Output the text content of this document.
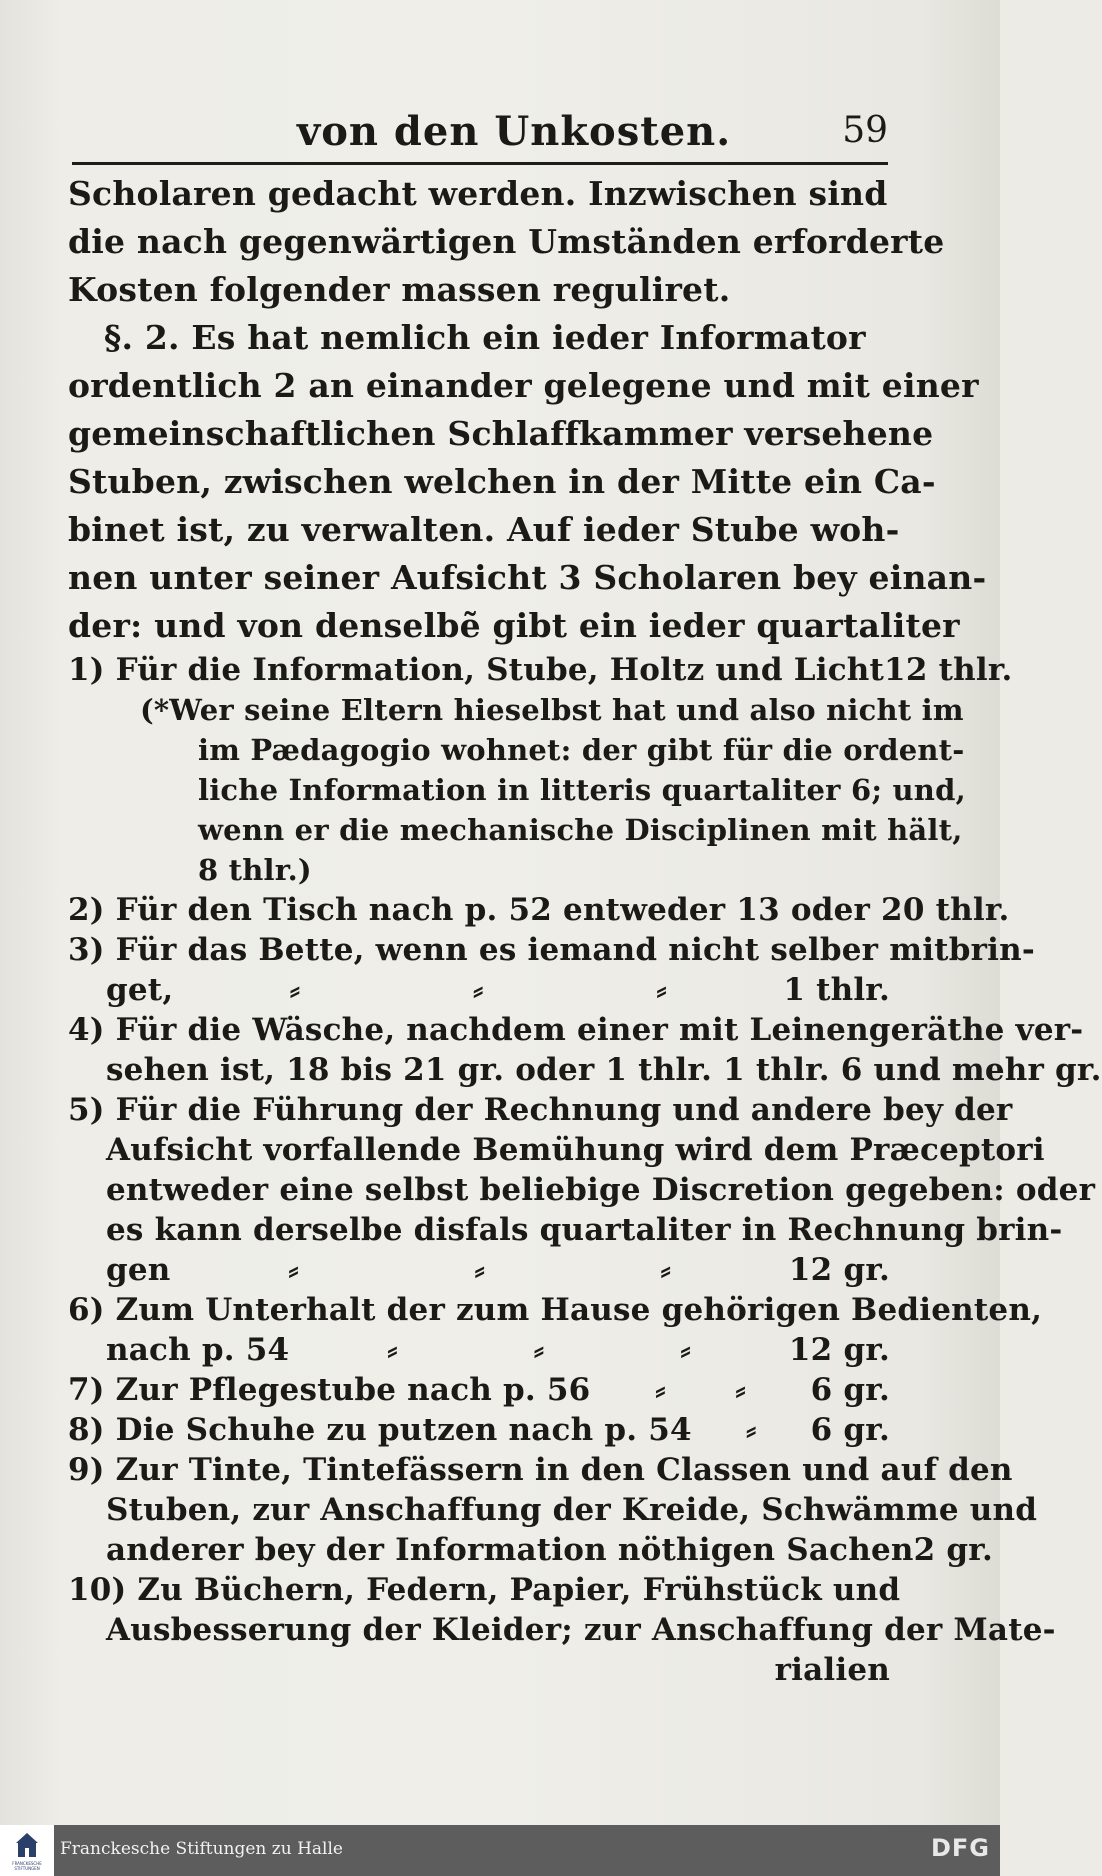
von den Unkosten.	59
Scholaren gedacht werden. Inzwischen sind
die nach gegenwärtigen Umständen erforderte
Kosten folgender massen reguliret.
§. 2. Es hat nemlich ein ieder Informator
ordentlich 2 an einander gelegene und mit einer
gemeinschaftlichen Schlaffkammer versehene
Stuben, zwischen welchen in der Mitte ein Ca-
binet ist, zu verwalten. Auf ieder Stube woh-
nen unter seiner Aufsicht 3 Scholaren bey einan-
der: und von denselbẽ gibt ein ieder quartaliter
1) Für die Information, Stube, Holtz und Licht 12 thlr.
(*Wer seine Eltern hieselbst hat und also nicht im
im Pædagogio wohnet: der gibt für die ordent-
liche Information in litteris quartaliter 6; und,
wenn er die mechanische Disciplinen mit hält,
8 thlr.)
2) Für den Tisch nach p. 52 entweder 13 oder 20 thlr.
3) Für das Bette, wenn es iemand nicht selber mitbrin-
get,	⸗	⸗	⸗	1 thlr.
4) Für die Wäsche, nachdem einer mit Leinengeräthe ver-
sehen ist, 18 bis 21 gr. oder 1 thlr. 1 thlr. 6 und mehr gr.
5) Für die Führung der Rechnung und andere bey der
Aufsicht vorfallende Bemühung wird dem Præceptori
entweder eine selbst beliebige Discretion gegeben: oder
es kann derselbe disfals quartaliter in Rechnung brin-
gen	⸗	⸗	⸗	12 gr.
6) Zum Unterhalt der zum Hause gehörigen Bedienten,
nach p. 54	⸗	⸗	⸗	12 gr.
7) Zur Pflegestube nach p. 56 ⸗ ⸗ 6 gr.
8) Die Schuhe zu putzen nach p. 54 ⸗ 6 gr.
9) Zur Tinte, Tintefässern in den Classen und auf den
Stuben, zur Anschaffung der Kreide, Schwämme und
anderer bey der Information nöthigen Sachen 2 gr.
10) Zu Büchern, Federn, Papier, Frühstück und
Ausbesserung der Kleider; zur Anschaffung der Mate-
rialien
FRANCKESCHE STIFTUNGEN
Franckesche Stiftungen zu Halle	DFG
